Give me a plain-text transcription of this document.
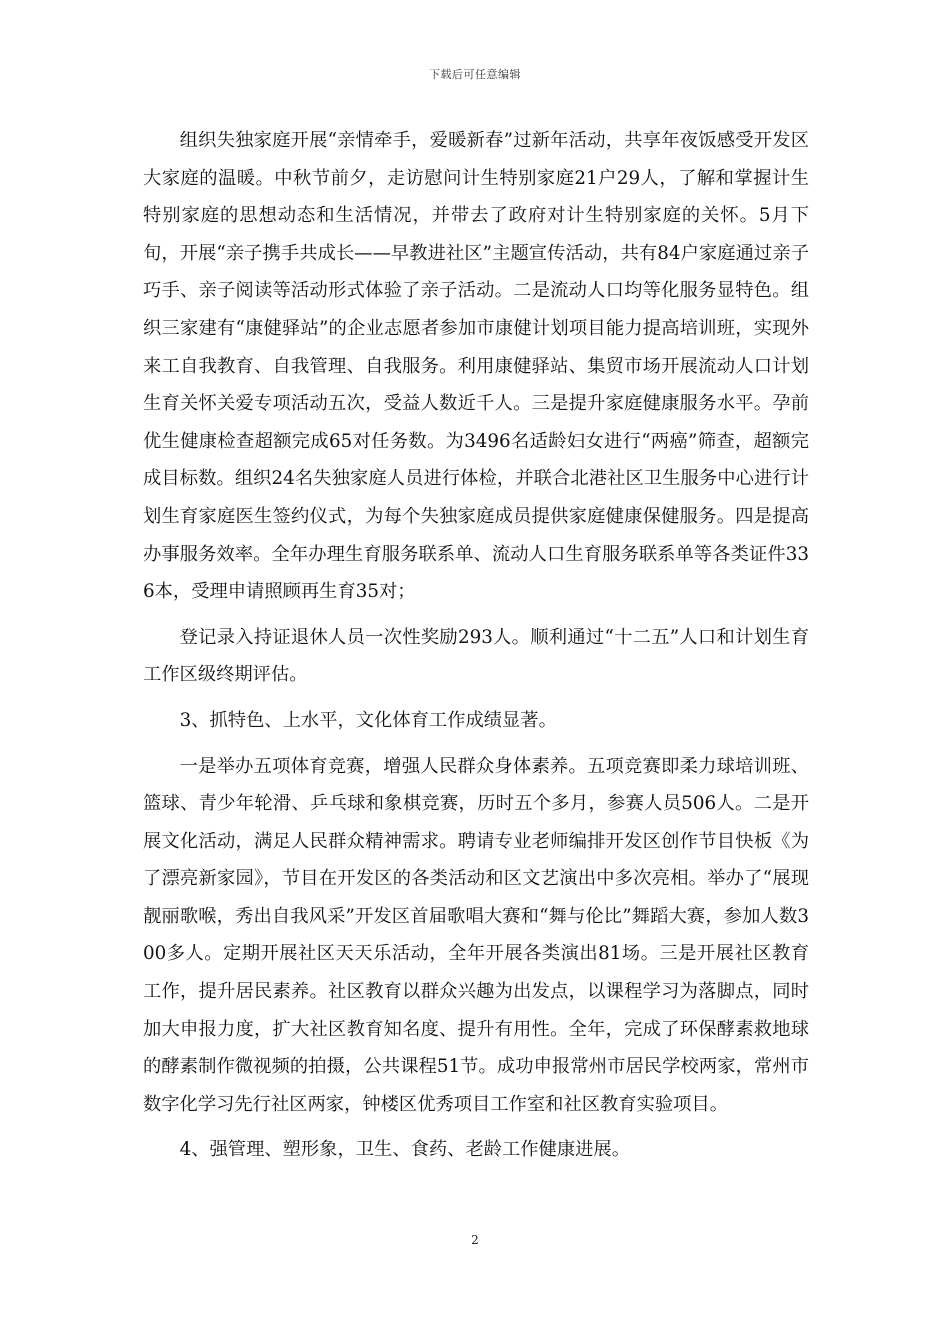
下载后可任意编辑

组织失独家庭开展“亲情牵手，爱暖新春”过新年活动，共享年夜饭感受开发区大家庭的温暖。中秋节前夕，走访慰问计生特别家庭21户29人，了解和掌握计生特别家庭的思想动态和生活情况，并带去了政府对计生特别家庭的关怀。5月下旬，开展“亲子携手共成长——早教进社区”主题宣传活动，共有84户家庭通过亲子巧手、亲子阅读等活动形式体验了亲子活动。二是流动人口均等化服务显特色。组织三家建有“康健驿站”的企业志愿者参加市康健计划项目能力提高培训班，实现外来工自我教育、自我管理、自我服务。利用康健驿站、集贸市场开展流动人口计划生育关怀关爱专项活动五次，受益人数近千人。三是提升家庭健康服务水平。孕前优生健康检查超额完成65对任务数。为3496名适龄妇女进行“两癌”筛查，超额完成目标数。组织24名失独家庭人员进行体检，并联合北港社区卫生服务中心进行计划生育家庭医生签约仪式，为每个失独家庭成员提供家庭健康保健服务。四是提高办事服务效率。全年办理生育服务联系单、流动人口生育服务联系单等各类证件336本，受理申请照顾再生育35对；

登记录入持证退休人员一次性奖励293人。顺利通过“十二五”人口和计划生育工作区级终期评估。

3、抓特色、上水平，文化体育工作成绩显著。

一是举办五项体育竞赛，增强人民群众身体素养。五项竞赛即柔力球培训班、篮球、青少年轮滑、乒乓球和象棋竞赛，历时五个多月，参赛人员506人。二是开展文化活动，满足人民群众精神需求。聘请专业老师编排开发区创作节目快板《为了漂亮新家园》，节目在开发区的各类活动和区文艺演出中多次亮相。举办了“展现靓丽歌喉，秀出自我风采”开发区首届歌唱大赛和“舞与伦比”舞蹈大赛，参加人数300多人。定期开展社区天天乐活动，全年开展各类演出81场。三是开展社区教育工作，提升居民素养。社区教育以群众兴趣为出发点，以课程学习为落脚点，同时加大申报力度，扩大社区教育知名度、提升有用性。全年，完成了环保酵素救地球的酵素制作微视频的拍摄，公共课程51节。成功申报常州市居民学校两家，常州市数字化学习先行社区两家，钟楼区优秀项目工作室和社区教育实验项目。

4、强管理、塑形象，卫生、食药、老龄工作健康进展。

2
